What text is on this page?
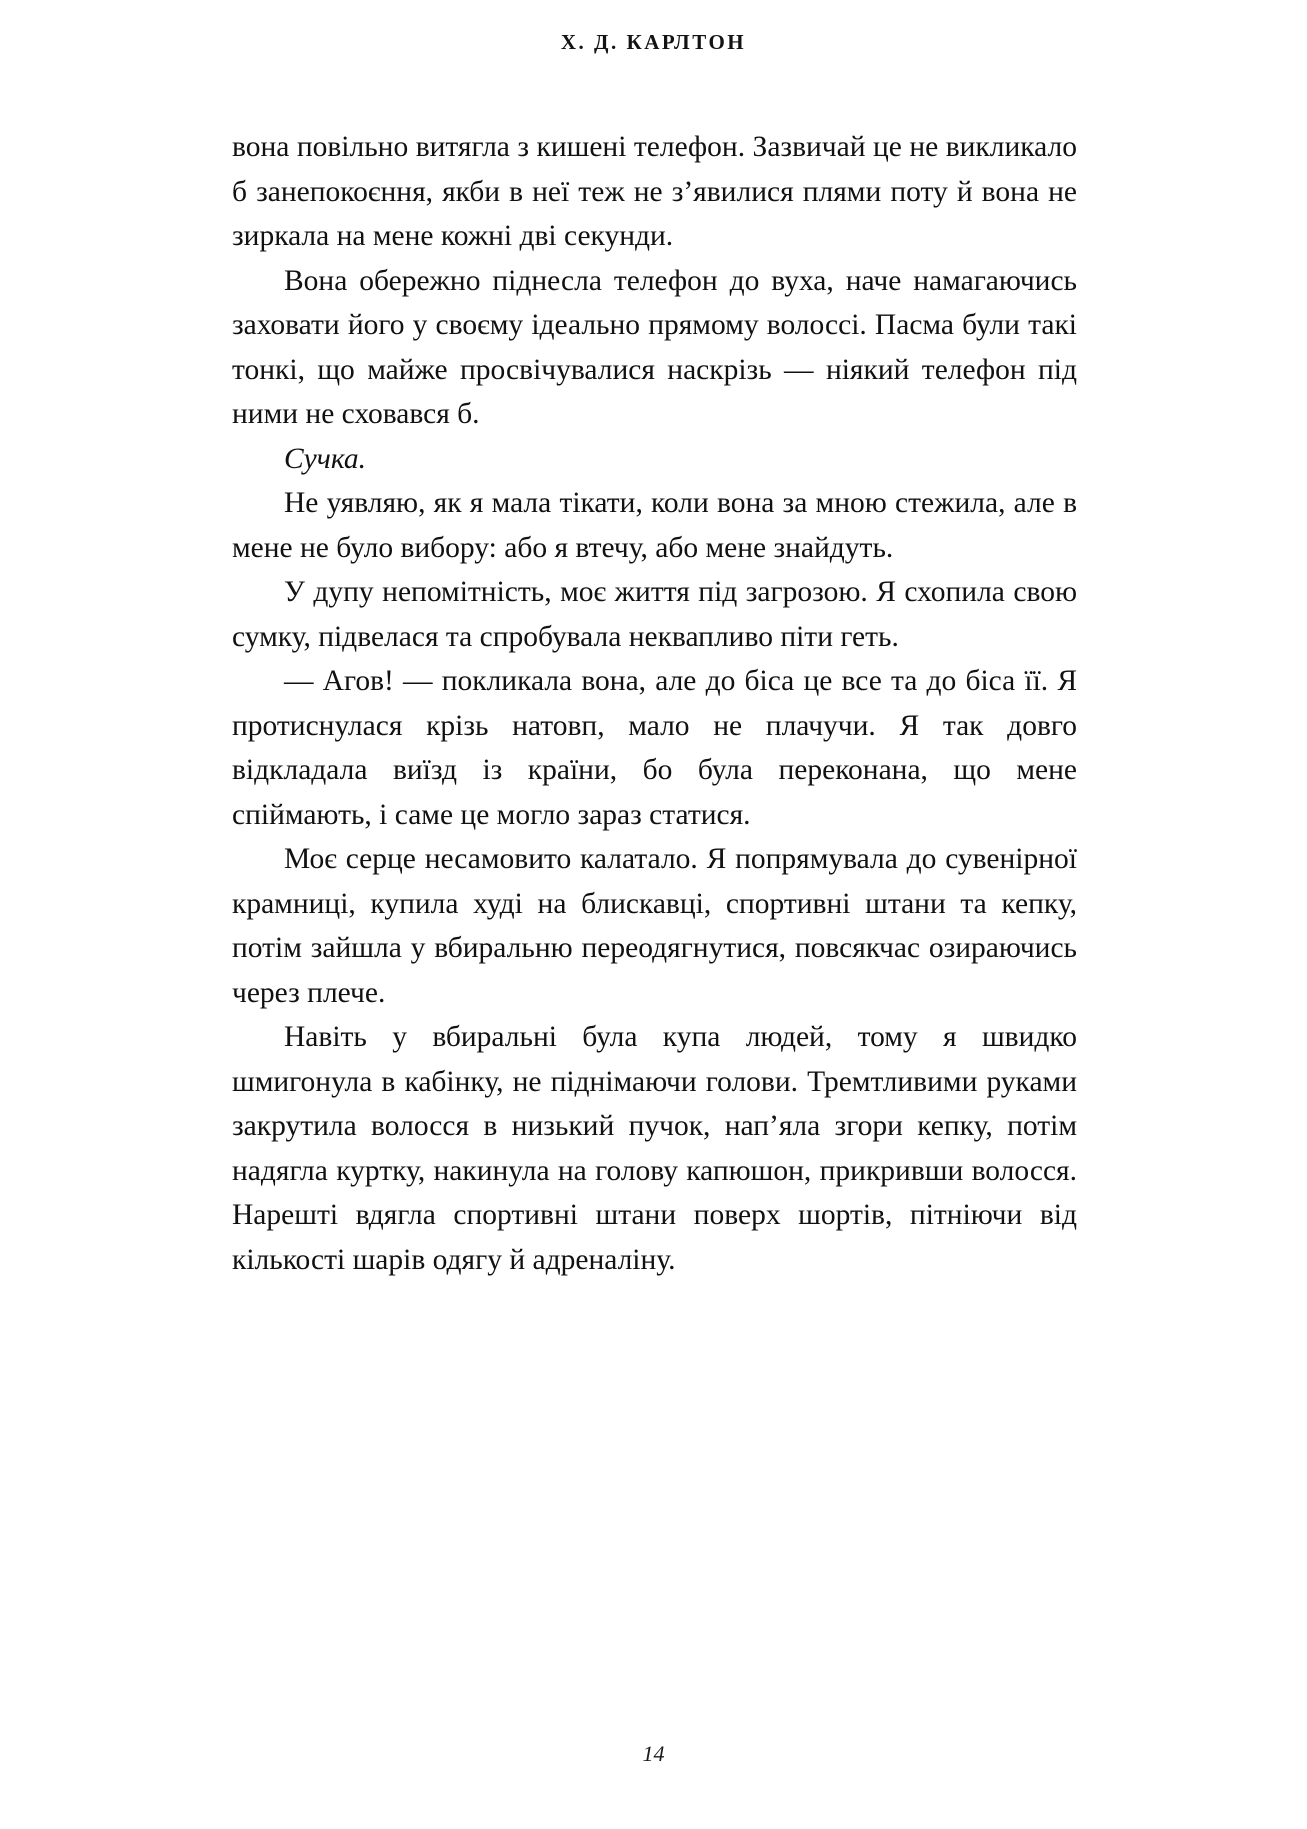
Х. Д. КАРЛТОН

вона повільно витягла з кишені телефон. Зазвичай це не викликало б занепокоєння, якби в неї теж не з’явилися плями поту й вона не зиркала на мене кожні дві секунди.

Вона обережно піднесла телефон до вуха, наче намагаючись заховати його у своєму ідеально прямому волоссі. Пасма були такі тонкі, що майже просвічувалися наскрізь — ніякий телефон під ними не сховався б.

Сучка.

Не уявляю, як я мала тікати, коли вона за мною стежила, але в мене не було вибору: або я втечу, або мене знайдуть.

У дупу непомітність, моє життя під загрозою. Я схопила свою сумку, підвелася та спробувала неквапливо піти геть.

— Агов! — покликала вона, але до біса це все та до біса її. Я протиснулася крізь натовп, мало не плачучи. Я так довго відкладала виїзд із країни, бо була переконана, що мене спіймають, і саме це могло зараз статися.

Моє серце несамовито калатало. Я попрямувала до сувенірної крамниці, купила худі на блискавці, спортивні штани та кепку, потім зайшла у вбиральню переодягнутися, повсякчас озираючись через плече.

Навіть у вбиральні була купа людей, тому я швидко шмигонула в кабінку, не піднімаючи голови. Тремтливими руками закрутила волосся в низький пучок, нап’яла згори кепку, потім надягла куртку, накинула на голову капюшон, прикривши волосся. Нарешті вдягла спортивні штани поверх шортів, пітніючи від кількості шарів одягу й адреналіну.

14
